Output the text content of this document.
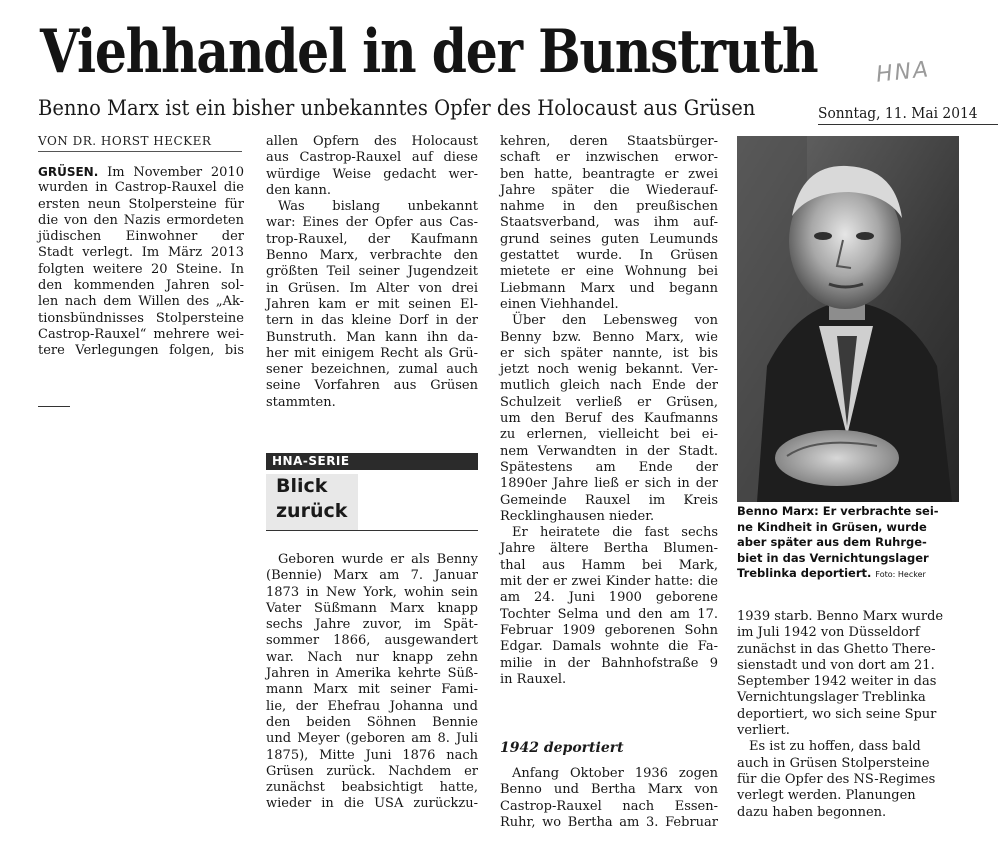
Viehhandel in der Bunstruth	HNA
Benno Marx ist ein bisher unbekanntes Opfer des Holocaust aus Grüsen	Sonntag, 11. Mai 2014
VON DR. HORST HECKER
GRÜSEN. Im November 2010
wurden in Castrop-Rauxel die
ersten neun Stolpersteine für
die von den Nazis ermordeten
jüdischen Einwohner der
Stadt verlegt. Im März 2013
folgten weitere 20 Steine. In
den kommenden Jahren sol-
len nach dem Willen des „Ak-
tionsbündnisses Stolpersteine
Castrop-Rauxel“ mehrere wei-
tere Verlegungen folgen, bis
allen Opfern des Holocaust
aus Castrop-Rauxel auf diese
würdige Weise gedacht wer-
den kann.
Was bislang unbekannt
war: Eines der Opfer aus Cas-
trop-Rauxel, der Kaufmann
Benno Marx, verbrachte den
größten Teil seiner Jugendzeit
in Grüsen. Im Alter von drei
Jahren kam er mit seinen El-
tern in das kleine Dorf in der
Bunstruth. Man kann ihn da-
her mit einigem Recht als Grü-
sener bezeichnen, zumal auch
seine Vorfahren aus Grüsen
stammten.
HNA-SERIE
Blick
zurück
Geboren wurde er als Benny
(Bennie) Marx am 7. Januar
1873 in New York, wohin sein
Vater Süßmann Marx knapp
sechs Jahre zuvor, im Spät-
sommer 1866, ausgewandert
war. Nach nur knapp zehn
Jahren in Amerika kehrte Süß-
mann Marx mit seiner Fami-
lie, der Ehefrau Johanna und
den beiden Söhnen Bennie
und Meyer (geboren am 8. Juli
1875), Mitte Juni 1876 nach
Grüsen zurück. Nachdem er
zunächst beabsichtigt hatte,
wieder in die USA zurückzu-
kehren, deren Staatsbürger-
schaft er inzwischen erwor-
ben hatte, beantragte er zwei
Jahre später die Wiederauf-
nahme in den preußischen
Staatsverband, was ihm auf-
grund seines guten Leumunds
gestattet wurde. In Grüsen
mietete er eine Wohnung bei
Liebmann Marx und begann
einen Viehhandel.
Über den Lebensweg von
Benny bzw. Benno Marx, wie
er sich später nannte, ist bis
jetzt noch wenig bekannt. Ver-
mutlich gleich nach Ende der
Schulzeit verließ er Grüsen,
um den Beruf des Kaufmanns
zu erlernen, vielleicht bei ei-
nem Verwandten in der Stadt.
Spätestens am Ende der
1890er Jahre ließ er sich in der
Gemeinde Rauxel im Kreis
Recklinghausen nieder.
Er heiratete die fast sechs
Jahre ältere Bertha Blumen-
thal aus Hamm bei Mark,
mit der er zwei Kinder hatte: die
am 24. Juni 1900 geborene
Tochter Selma und den am 17.
Februar 1909 geborenen Sohn
Edgar. Damals wohnte die Fa-
milie in der Bahnhofstraße 9
in Rauxel.
1942 deportiert
Anfang Oktober 1936 zogen
Benno und Bertha Marx von
Castrop-Rauxel nach Essen-
Ruhr, wo Bertha am 3. Februar
Benno Marx: Er verbrachte sei-
ne Kindheit in Grüsen, wurde
aber später aus dem Ruhrge-
biet in das Vernichtungslager
Treblinka deportiert. Foto: Hecker
1939 starb. Benno Marx wurde
im Juli 1942 von Düsseldorf
zunächst in das Ghetto There-
sienstadt und von dort am 21.
September 1942 weiter in das
Vernichtungslager Treblinka
deportiert, wo sich seine Spur
verliert.
Es ist zu hoffen, dass bald
auch in Grüsen Stolpersteine
für die Opfer des NS-Regimes
verlegt werden. Planungen
dazu haben begonnen.
